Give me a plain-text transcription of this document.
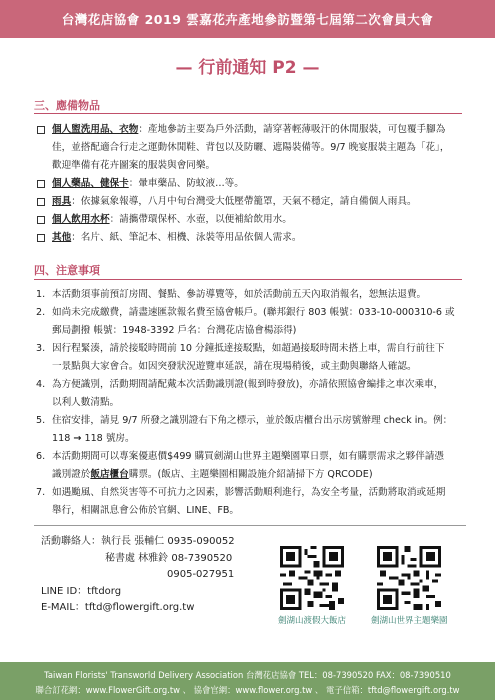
台灣花店協會 2019 雲嘉花卉產地參訪暨第七屆第二次會員大會
— 行前通知 P2 —
三、應備物品
個人盥洗用品、衣物：產地參訪主要為戶外活動，請穿著輕薄吸汗的休閒服裝，可包覆手腳為
佳，並搭配適合行走之運動休閒鞋、背包以及防曬、遮陽裝備等。9/7 晚宴服裝主題為「花」，
歡迎準備有花卉圖案的服裝與會同樂。
個人藥品、健保卡：暈車藥品、防蚊液…等。
雨具：依據氣象報導，八月中旬台灣受大低壓帶籠罩，天氣不穩定，請自備個人雨具。
個人飲用水杯：請攜帶環保杯、水壺，以便補給飲用水。
其他：名片、紙、筆記本、相機、泳裝等用品依個人需求。
四、注意事項
1. 本活動須事前預訂房間、餐點、參訪導覽等，如於活動前五天內取消報名，恕無法退費。
2. 如尚未完成繳費，請盡速匯款報名費至協會帳戶。(聯邦銀行 803 帳號：033-10-000310-6 或
郵局劃撥 帳號：1948-3392 戶名：台灣花店協會楊添得)
3. 因行程緊湊，請於接駁時間前 10 分鐘抵達接駁點，如超過接駁時間未搭上車，需自行前往下
一景點與大家會合。如因突發狀況遊覽車延誤，請在現場稍後，或主動與聯絡人確認。
4. 為方便識別，活動期間請配戴本次活動識別證(報到時發放)，亦請依照協會編排之車次乘車，
以利人數清點。
5. 住宿安排，請見 9/7 所發之識別證右下角之標示，並於飯店櫃台出示房號辦理 check in。例：
118 → 118 號房。
6. 本活動期間可以專案優惠價$499 購買劍湖山世界主題樂園單日票，如有購票需求之夥伴請憑
識別證於飯店櫃台購票。(飯店、主題樂園相關設施介紹請掃下方 QRCODE)
7. 如遇颱風、自然災害等不可抗力之因素，影響活動順利進行，為安全考量，活動將取消或延期
舉行，相關訊息會公佈於官網、LINE、FB。
活動聯絡人：執行長 張輔仁 0935-090052
秘書處 林雅鈴 08-7390520
0905-027951
LINE ID：tftdorg
E-MAIL：tftd@flowergift.org.tw
劍湖山渡假大飯店	劍湖山世界主題樂園
Taiwan Florists' Transworld Delivery Association 台灣花店協會 TEL：08-7390520 FAX：08-7390510
聯合訂花網：www.FlowerGift.org.tw 、 協會官網：www.flower.org.tw 、 電子信箱：tftd@flowergift.org.tw
